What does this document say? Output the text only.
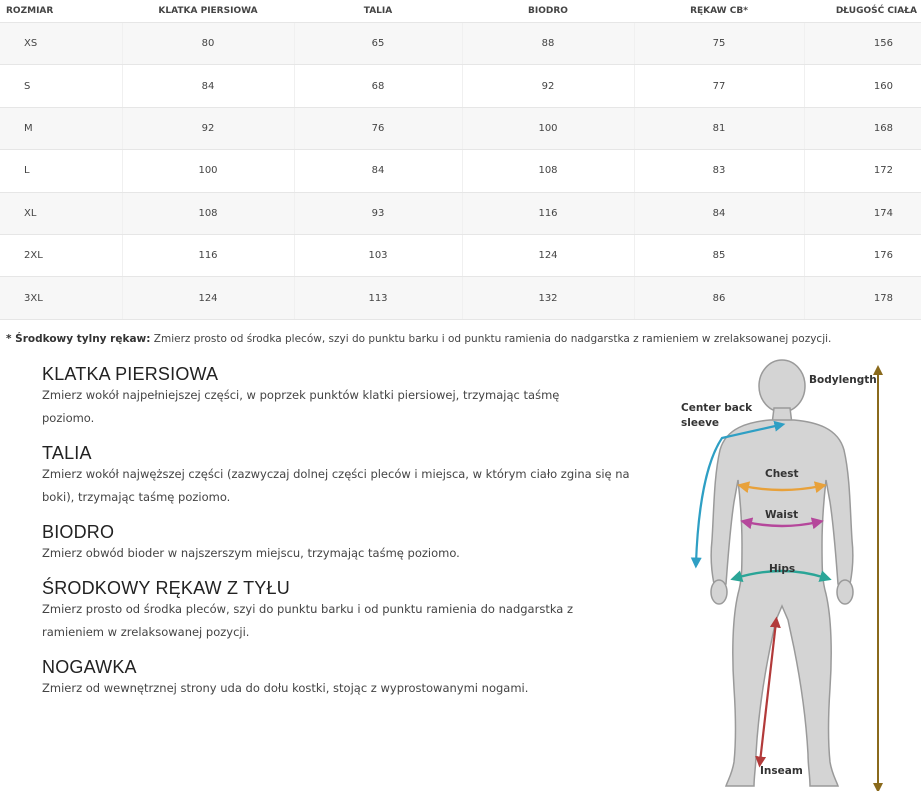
ROZMIAR	KLATKA PIERSIOWA	TALIA	BIODRO	RĘKAW CB*	DŁUGOŚĆ CIAŁA
XS	80	65	88	75	156
S	84	68	92	77	160
M	92	76	100	81	168
L	100	84	108	83	172
XL	108	93	116	84	174
2XL	116	103	124	85	176
3XL	124	113	132	86	178
* Środkowy tylny rękaw: Zmierz prosto od środka pleców, szyi do punktu barku i od punktu ramienia do nadgarstka z ramieniem w zrelaksowanej pozycji.
KLATKA PIERSIOWA

Zmierz wokół najpełniejszej części, w poprzek punktów klatki piersiowej, trzymając taśmę poziomo.

TALIA

Zmierz wokół najwęższej części (zazwyczaj dolnej części pleców i miejsca, w którym ciało zgina się na boki), trzymając taśmę poziomo.

BIODRO

Zmierz obwód bioder w najszerszym miejscu, trzymając taśmę poziomo.

ŚRODKOWY RĘKAW Z TYŁU

Zmierz prosto od środka pleców, szyi do punktu barku i od punktu ramienia do nadgarstka z ramieniem w zrelaksowanej pozycji.

NOGAWKA

Zmierz od wewnętrznej strony uda do dołu kostki, stojąc z wyprostowanymi nogami.

Bodylength
Center back
sleeve
Chest
Waist
Hips
Inseam
